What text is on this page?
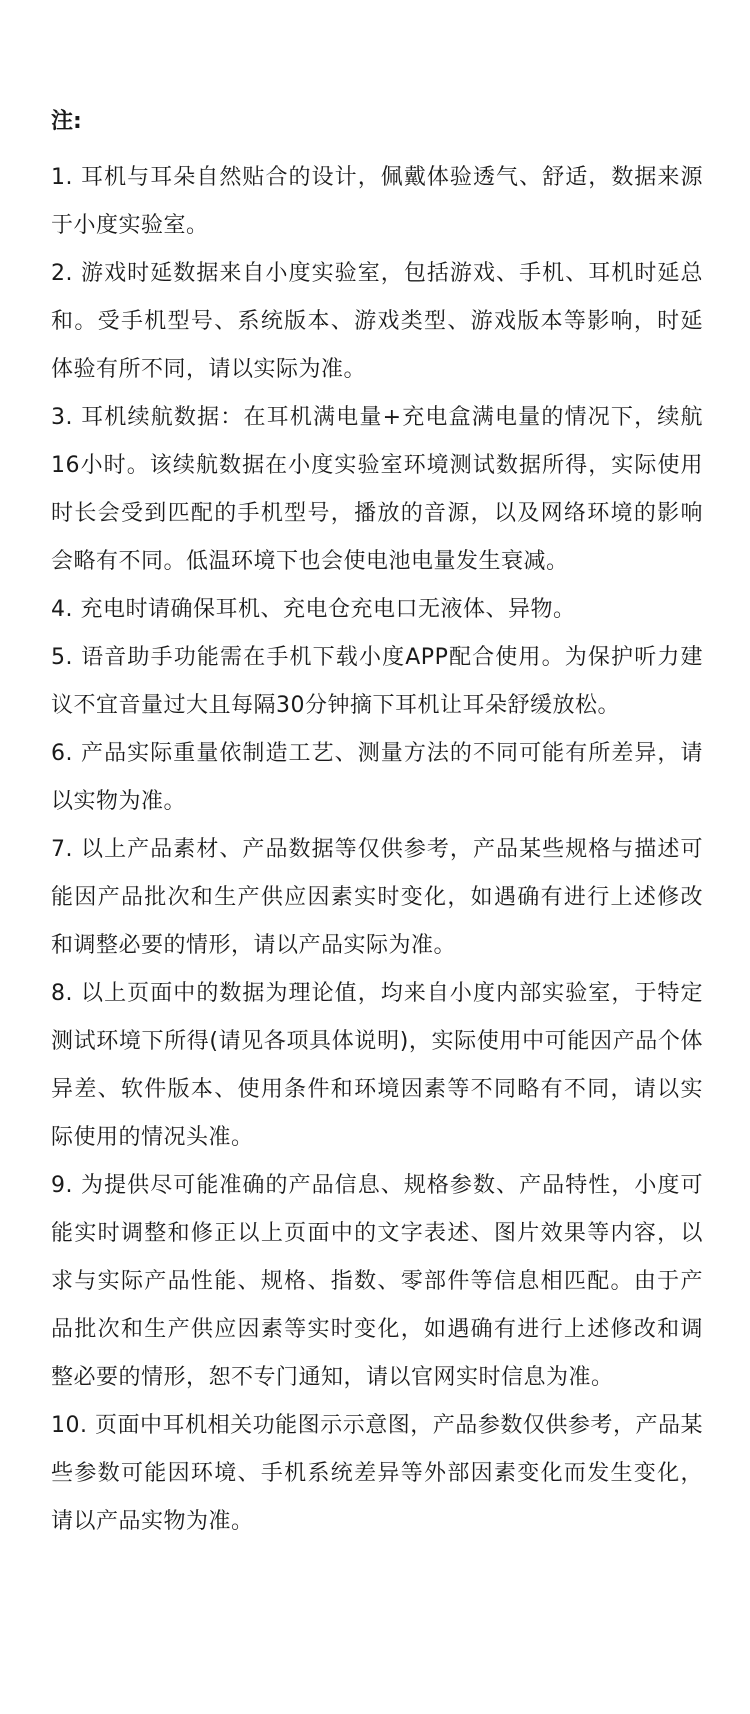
注:

1. 耳机与耳朵自然贴合的设计，佩戴体验透气、舒适，数据来源于小度实验室。

2. 游戏时延数据来自小度实验室，包括游戏、手机、耳机时延总和。受手机型号、系统版本、游戏类型、游戏版本等影响，时延体验有所不同，请以实际为准。

3. 耳机续航数据：在耳机满电量+充电盒满电量的情况下，续航16小时。该续航数据在小度实验室环境测试数据所得，实际使用时长会受到匹配的手机型号，播放的音源，以及网络环境的影响会略有不同。低温环境下也会使电池电量发生衰减。

4. 充电时请确保耳机、充电仓充电口无液体、异物。

5. 语音助手功能需在手机下载小度APP配合使用。为保护听力建议不宜音量过大且每隔30分钟摘下耳机让耳朵舒缓放松。

6. 产品实际重量依制造工艺、测量方法的不同可能有所差异，请以实物为准。

7. 以上产品素材、产品数据等仅供参考，产品某些规格与描述可能因产品批次和生产供应因素实时变化，如遇确有进行上述修改和调整必要的情形，请以产品实际为准。

8. 以上页面中的数据为理论值，均来自小度内部实验室，于特定测试环境下所得(请见各项具体说明)，实际使用中可能因产品个体异差、软件版本、使用条件和环境因素等不同略有不同，请以实际使用的情况头准。

9. 为提供尽可能准确的产品信息、规格参数、产品特性，小度可能实时调整和修正以上页面中的文字表述、图片效果等内容，以求与实际产品性能、规格、指数、零部件等信息相匹配。由于产品批次和生产供应因素等实时变化，如遇确有进行上述修改和调整必要的情形，恕不专门通知，请以官网实时信息为准。

10. 页面中耳机相关功能图示示意图，产品参数仅供参考，产品某些参数可能因环境、手机系统差异等外部因素变化而发生变化，请以产品实物为准。
